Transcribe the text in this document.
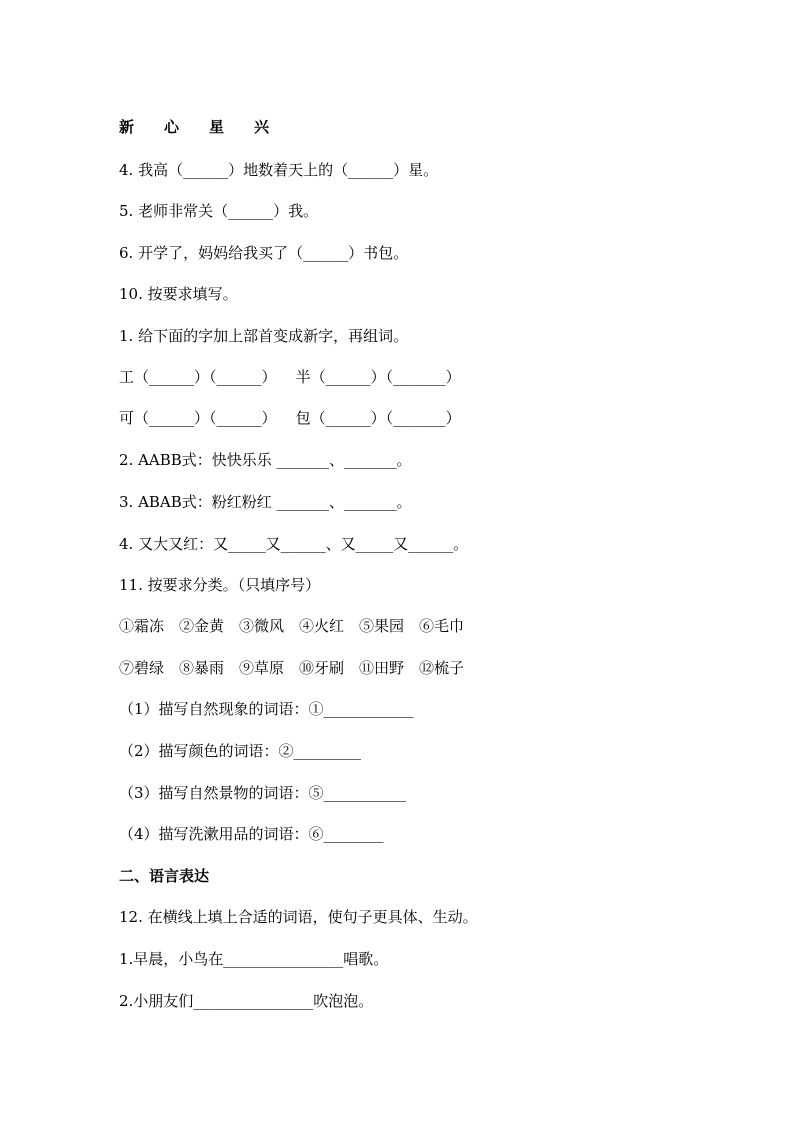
新　　心　　星　　兴
4. 我高（______）地数着天上的（______）星。
5. 老师非常关（______）我。
6. 开学了，妈妈给我买了（______）书包。
10. 按要求填写。
1. 给下面的字加上部首变成新字，再组词。
工（______）（______）    半（______）（_______）
可（______）（______）    包（______）（_______）
2. AABB式：快快乐乐 _______、_______。
3. ABAB式：粉红粉红 _______、_______。
4. 又大又红：又_____又______、又_____又______。
11. 按要求分类。（只填序号）
①霜冻　②金黄　③微风　④火红　⑤果园　⑥毛巾
⑦碧绿　⑧暴雨　⑨草原　⑩牙刷　⑪田野　⑫梳子
（1）描写自然现象的词语：①____________
（2）描写颜色的词语：②_________
（3）描写自然景物的词语：⑤___________
（4）描写洗漱用品的词语：⑥________
二、语言表达
12. 在横线上填上合适的词语，使句子更具体、生动。
1.早晨，小鸟在________________唱歌。
2.小朋友们________________吹泡泡。
